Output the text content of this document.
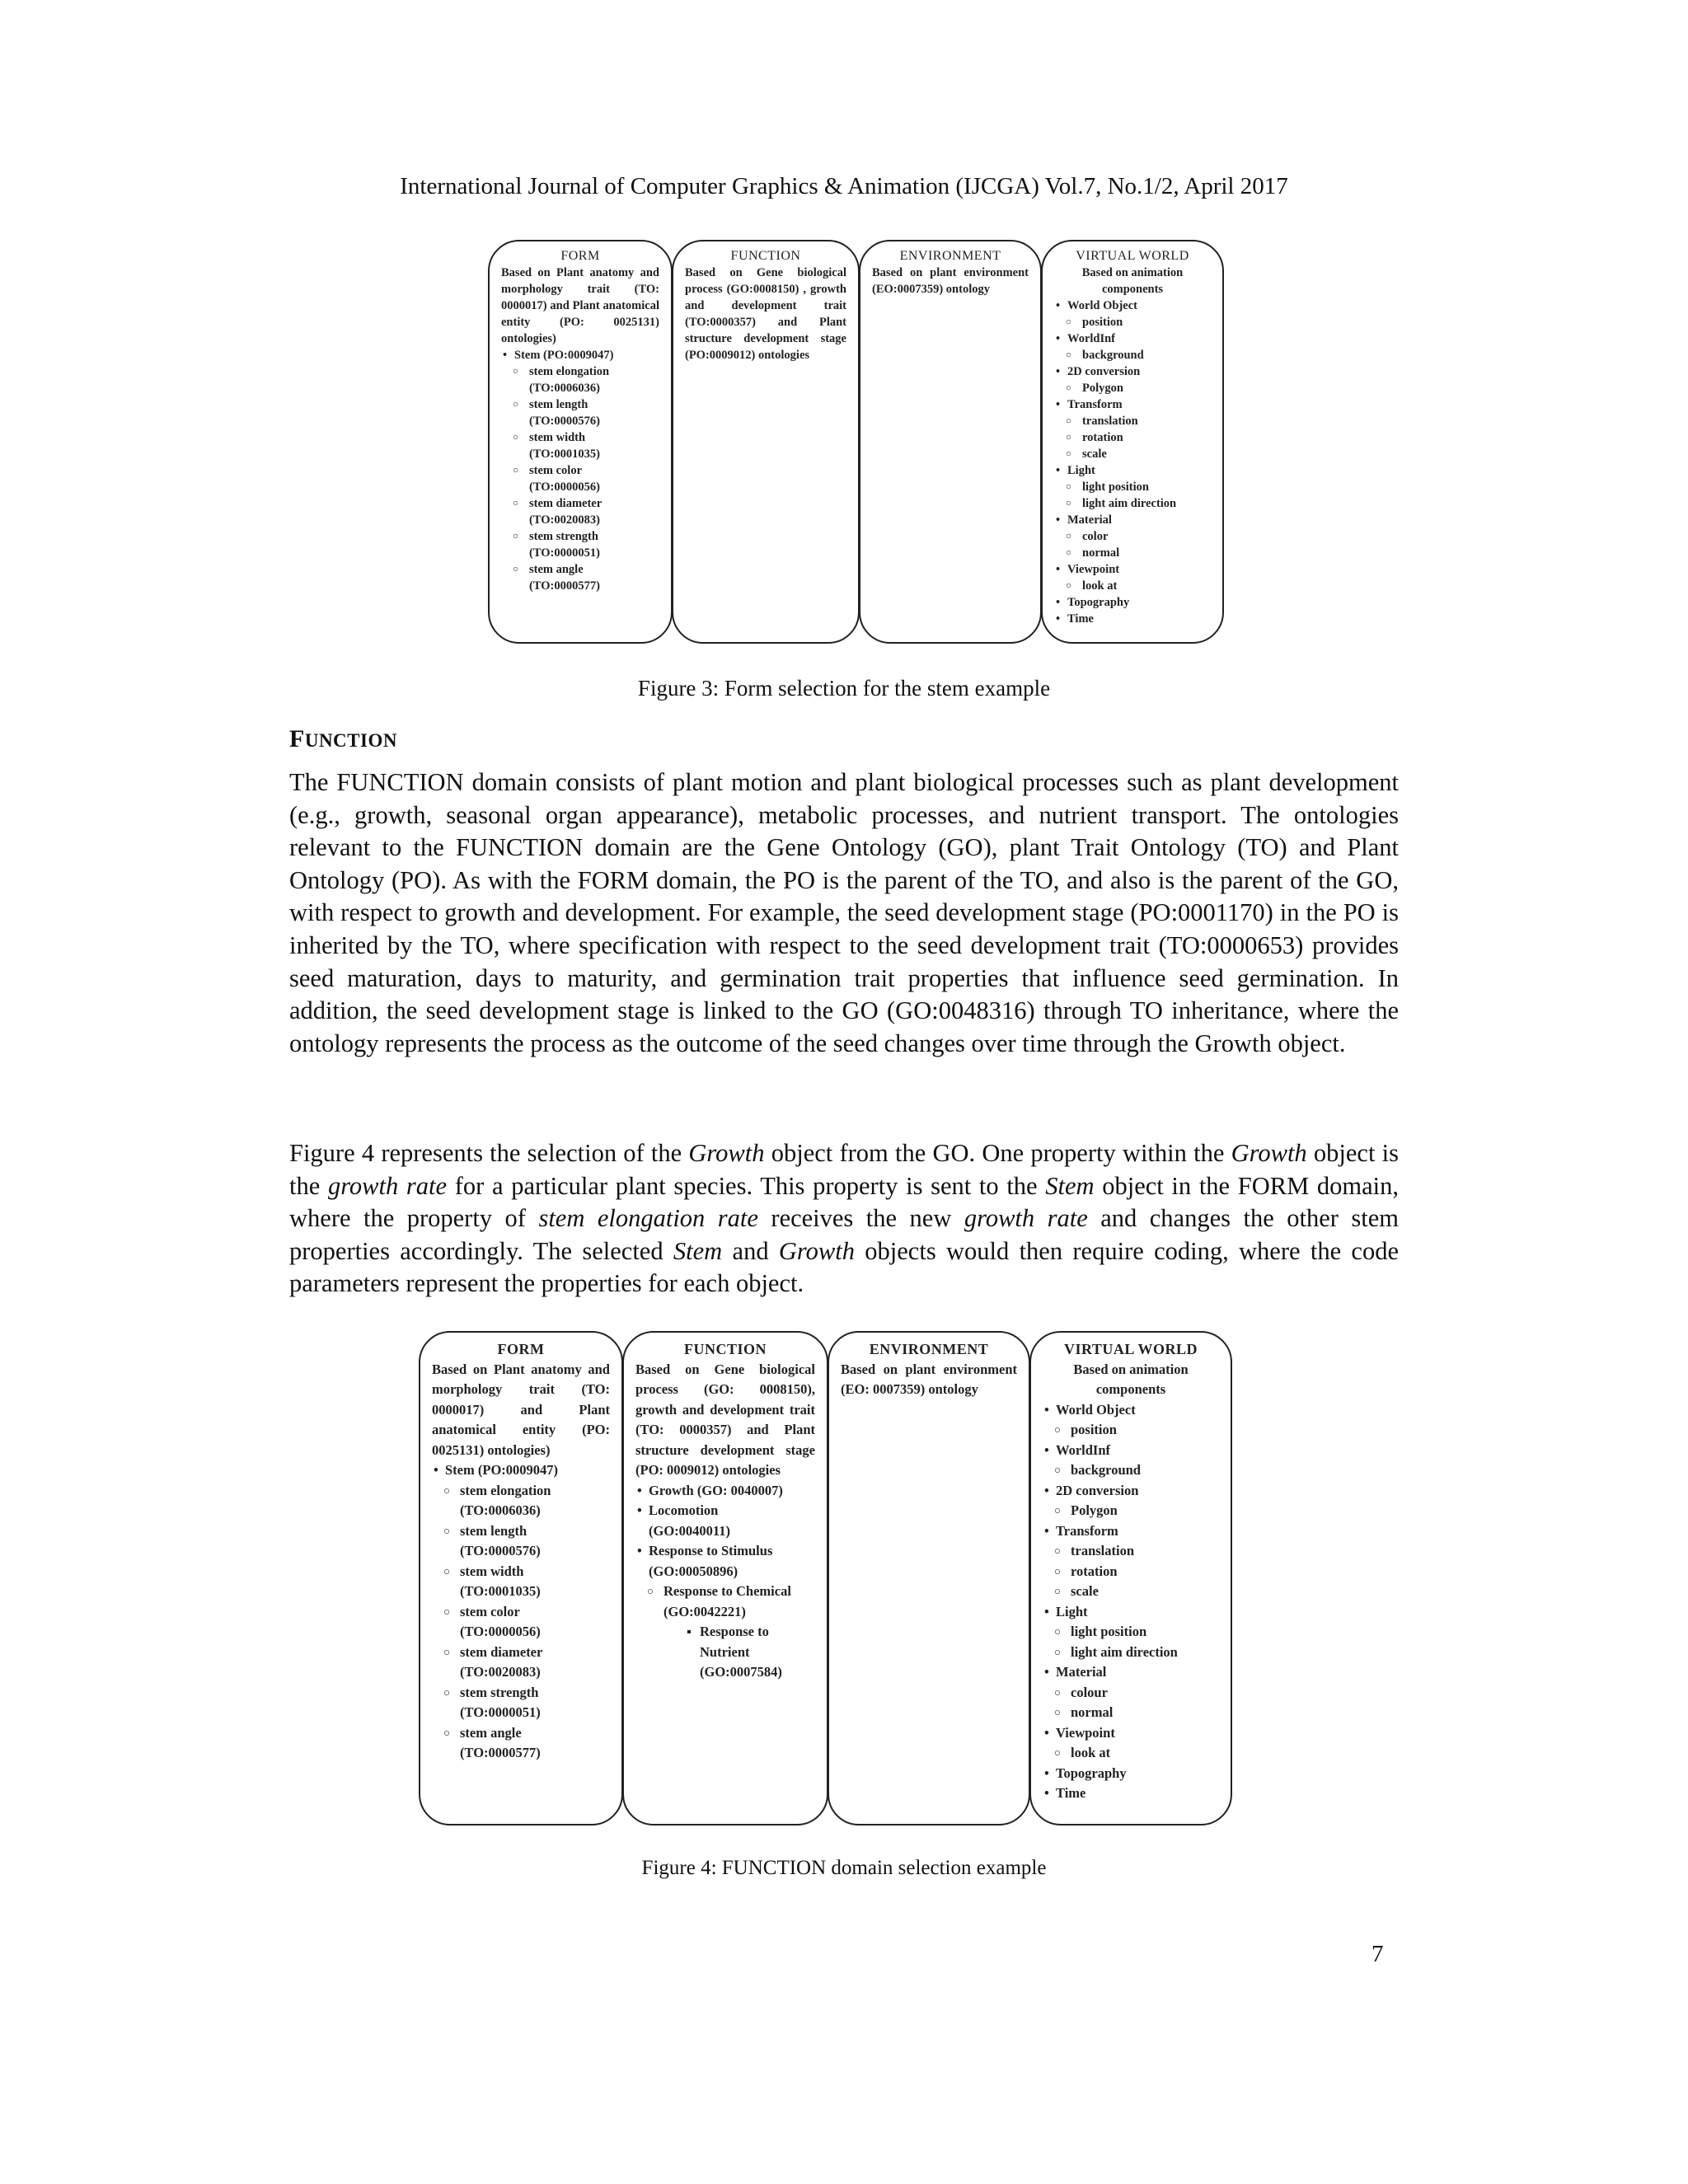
International Journal of Computer Graphics & Animation (IJCGA) Vol.7, No.1/2, April 2017
FORM
Based on Plant anatomy and morphology trait (TO: 0000017) and Plant anatomical entity (PO: 0025131) ontologies)
• Stem (PO:0009047)
○ stem elongation
(TO:0006036)
○ stem length
(TO:0000576)
○ stem width
(TO:0001035)
○ stem color
(TO:0000056)
○ stem diameter
(TO:0020083)
○ stem strength
(TO:0000051)
○ stem angle
(TO:0000577)
FUNCTION
Based on Gene biological process (GO:0008150) , growth and development trait (TO:0000357) and Plant structure development stage (PO:0009012) ontologies
ENVIRONMENT
Based on plant environment (EO:0007359) ontology
VIRTUAL WORLD
Based on animation components
• World Object
○ position
• WorldInf
○ background
• 2D conversion
○ Polygon
• Transform
○ translation
○ rotation
○ scale
• Light
○ light position
○ light aim direction
• Material
○ color
○ normal
• Viewpoint
○ look at
• Topography
• Time
Figure 3: Form selection for the stem example
FUNCTION
The FUNCTION domain consists of plant motion and plant biological processes such as plant development (e.g., growth, seasonal organ appearance), metabolic processes, and nutrient transport. The ontologies relevant to the FUNCTION domain are the Gene Ontology (GO), plant Trait Ontology (TO) and Plant Ontology (PO). As with the FORM domain, the PO is the parent of the TO, and also is the parent of the GO, with respect to growth and development. For example, the seed development stage (PO:0001170) in the PO is inherited by the TO, where specification with respect to the seed development trait (TO:0000653) provides seed maturation, days to maturity, and germination trait properties that influence seed germination. In addition, the seed development stage is linked to the GO (GO:0048316) through TO inheritance, where the ontology represents the process as the outcome of the seed changes over time through the Growth object.
Figure 4 represents the selection of the Growth object from the GO. One property within the Growth object is the growth rate for a particular plant species. This property is sent to the Stem object in the FORM domain, where the property of stem elongation rate receives the new growth rate and changes the other stem properties accordingly. The selected Stem and Growth objects would then require coding, where the code parameters represent the properties for each object.
FORM
Based on Plant anatomy and morphology trait (TO: 0000017) and Plant anatomical entity (PO: 0025131) ontologies)
• Stem (PO:0009047)
○ stem elongation
(TO:0006036)
○ stem length
(TO:0000576)
○ stem width
(TO:0001035)
○ stem color
(TO:0000056)
○ stem diameter
(TO:0020083)
○ stem strength
(TO:0000051)
○ stem angle
(TO:0000577)
FUNCTION
Based on Gene biological process (GO: 0008150), growth and development trait (TO: 0000357) and Plant structure development stage (PO: 0009012) ontologies
• Growth (GO: 0040007)
• Locomotion
(GO:0040011)
• Response to Stimulus
(GO:00050896)
○ Response to Chemical
(GO:0042221)
▪ Response to
Nutrient
(GO:0007584)
ENVIRONMENT
Based on plant environment (EO: 0007359) ontology
VIRTUAL WORLD
Based on animation components
• World Object
○ position
• WorldInf
○ background
• 2D conversion
○ Polygon
• Transform
○ translation
○ rotation
○ scale
• Light
○ light position
○ light aim direction
• Material
○ colour
○ normal
• Viewpoint
○ look at
• Topography
• Time
Figure 4: FUNCTION domain selection example
7
